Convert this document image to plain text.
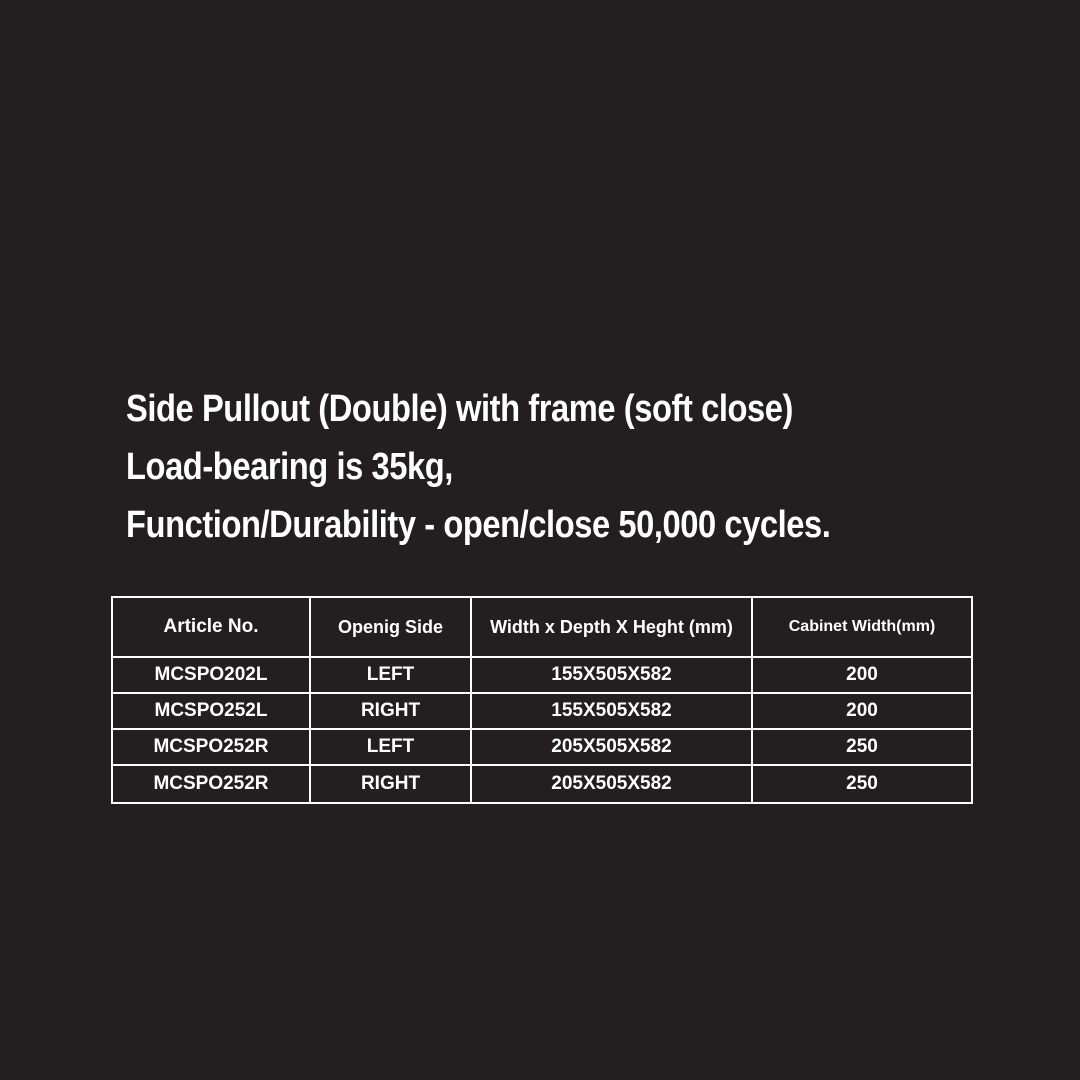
Side Pullout (Double) with frame (soft close)
Load-bearing is 35kg,
Function/Durability - open/close 50,000 cycles.
Article No.	Openig Side	Width x Depth X Heght (mm)	Cabinet Width(mm)
MCSPO202L	LEFT	155X505X582	200
MCSPO252L	RIGHT	155X505X582	200
MCSPO252R	LEFT	205X505X582	250
MCSPO252R	RIGHT	205X505X582	250
